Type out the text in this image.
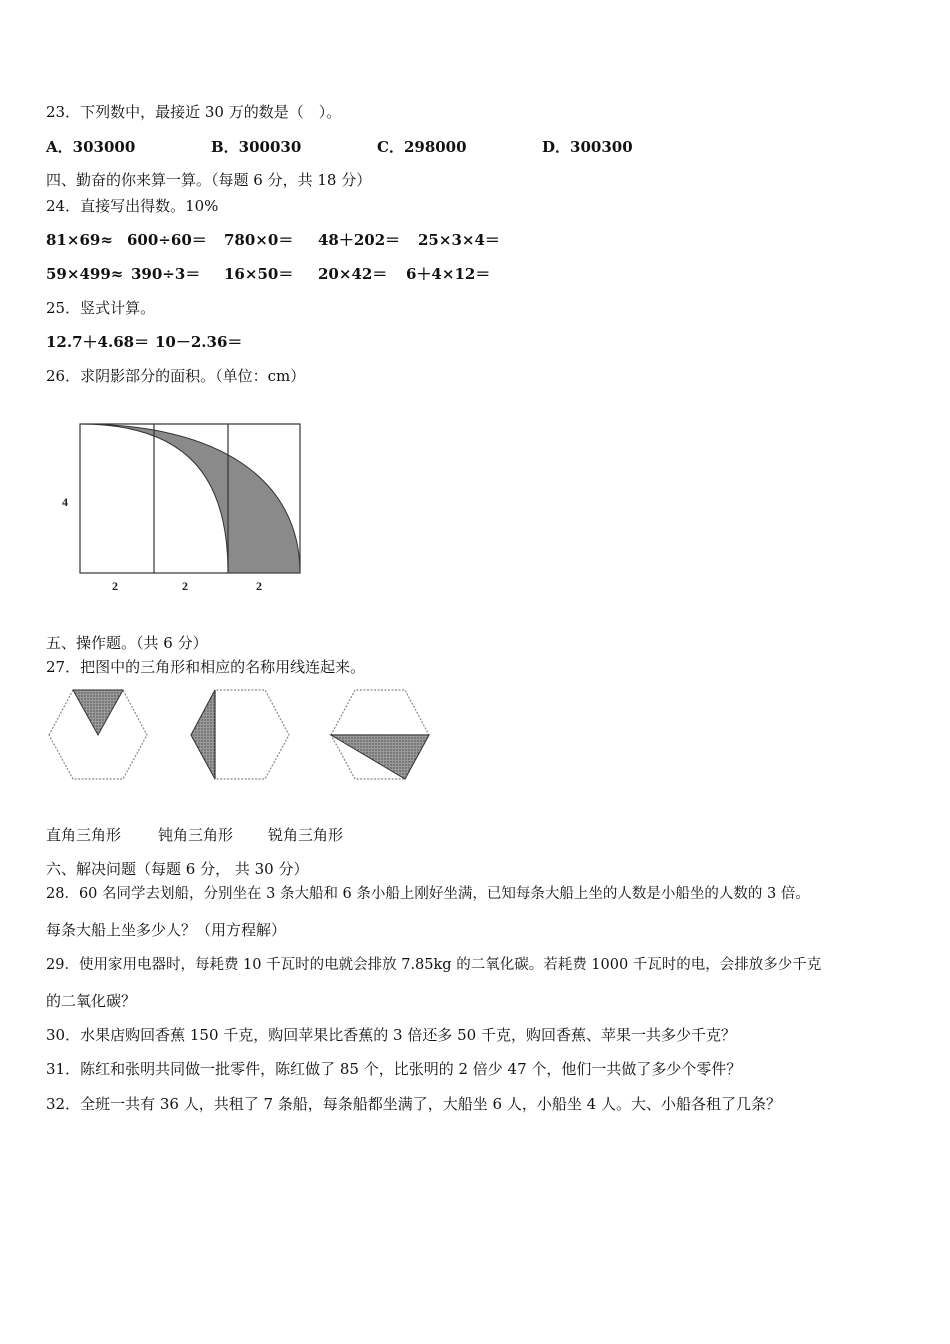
23．下列数中，最接近 30 万的数是（　）。
A．303000	B．300030	C．298000	D．300300
四、勤奋的你来算一算。（每题 6 分，共 18 分）
24．直接写出得数。10%
81×69≈ 600÷60＝ 780×0＝ 48＋202＝ 25×3×4＝
59×499≈ 390÷3＝ 16×50＝ 20×42＝ 6＋4×12＝
25．竖式计算。
12.7＋4.68＝ 10－2.36＝
26．求阴影部分的面积。（单位：cm）
4
2	2	2
五、操作题。（共 6 分）
27．把图中的三角形和相应的名称用线连起来。
直角三角形 钝角三角形 锐角三角形
六、解决问题（每题 6 分， 共 30 分）
28．60 名同学去划船，分别坐在 3 条大船和 6 条小船上刚好坐满，已知每条大船上坐的人数是小船坐的人数的 3 倍。
每条大船上坐多少人？（用方程解）
29．使用家用电器时，每耗费 10 千瓦时的电就会排放 7.85kg 的二氧化碳。若耗费 1000 千瓦时的电，会排放多少千克
的二氧化碳？
30．水果店购回香蕉 150 千克，购回苹果比香蕉的 3 倍还多 50 千克，购回香蕉、苹果一共多少千克？
31．陈红和张明共同做一批零件，陈红做了 85 个，比张明的 2 倍少 47 个，他们一共做了多少个零件？
32．全班一共有 36 人，共租了 7 条船，每条船都坐满了，大船坐 6 人，小船坐 4 人。大、小船各租了几条？
